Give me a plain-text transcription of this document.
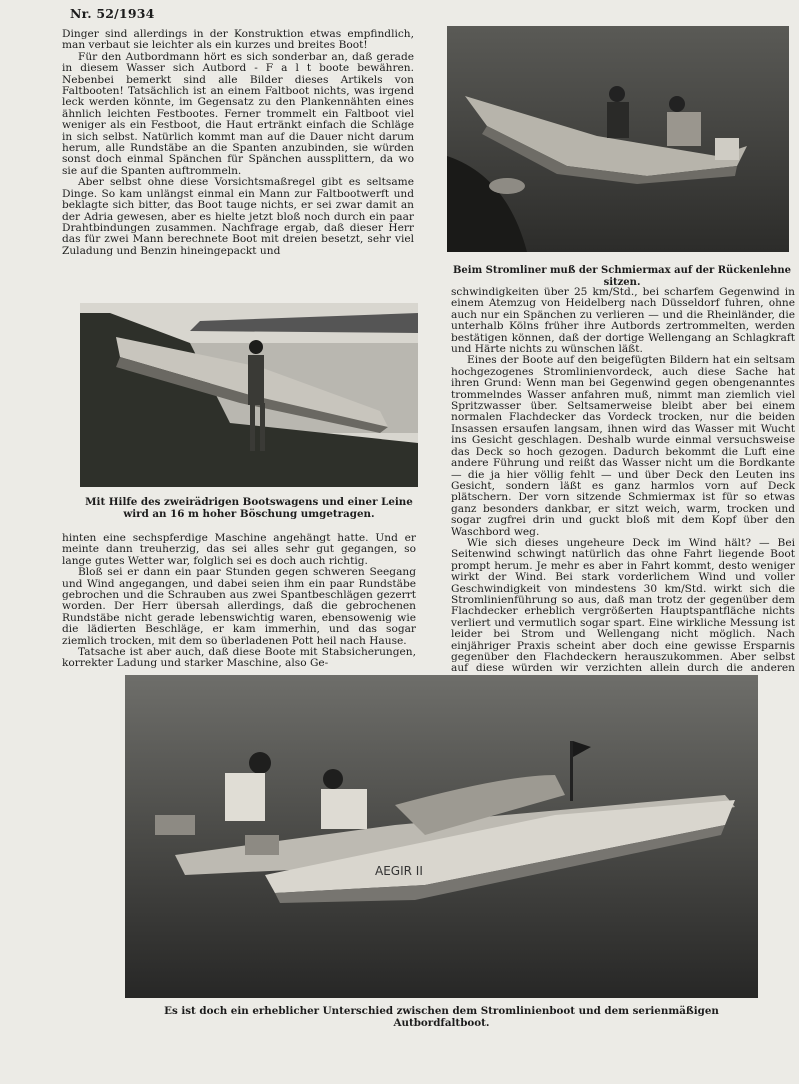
Nr. 52/1934

Dinger sind allerdings in der Konstruktion etwas empfindlich, man verbaut sie leichter als ein kurzes und breites Boot!

Für den Autbordmann hört es sich sonderbar an, daß gerade in diesem Wasser sich Autbord - F a l t boote bewähren. Nebenbei bemerkt sind alle Bilder dieses Artikels von Faltbooten! Tatsächlich ist an einem Faltboot nichts, was irgend leck werden könnte, im Gegensatz zu den Plankennähten eines ähnlich leichten Festbootes. Ferner trommelt ein Faltboot viel weniger als ein Festboot, die Haut ertränkt einfach die Schläge in sich selbst. Natürlich kommt man auf die Dauer nicht darum herum, alle Rundstäbe an die Spanten anzubinden, sie würden sonst doch einmal Spänchen für Spänchen aussplittern, da wo sie auf die Spanten auftrommeln.

Aber selbst ohne diese Vorsichtsmaßregel gibt es seltsame Dinge. So kam unlängst einmal ein Mann zur Faltbootwerft und beklagte sich bitter, das Boot tauge nichts, er sei zwar damit an der Adria gewesen, aber es hielte jetzt bloß noch durch ein paar Drahtbindungen zusammen. Nachfrage ergab, daß dieser Herr das für zwei Mann berechnete Boot mit dreien besetzt, sehr viel Zuladung und Benzin hineingepackt und

Beim Stromliner muß der Schmiermax auf der Rückenlehne sitzen.
Mit Hilfe des zweirädrigen Bootswagens und einer Leine wird an 16 m hoher Böschung umgetragen.

hinten eine sechspferdige Maschine angehängt hatte. Und er meinte dann treuherzig, das sei alles sehr gut gegangen, so lange gutes Wetter war, folglich sei es doch auch richtig.

Bloß sei er dann ein paar Stunden gegen schweren Seegang und Wind angegangen, und dabei seien ihm ein paar Rundstäbe gebrochen und die Schrauben aus zwei Spantbeschlägen gezerrt worden. Der Herr übersah allerdings, daß die gebrochenen Rundstäbe nicht gerade lebenswichtig waren, ebensowenig wie die lädierten Beschläge, er kam immerhin, und das sogar ziemlich trocken, mit dem so überladenen Pott heil nach Hause.

Tatsache ist aber auch, daß diese Boote mit Stabsicherungen, korrekter Ladung und starker Maschine, also Ge-

schwindigkeiten über 25 km/Std., bei scharfem Gegenwind in einem Atemzug von Heidelberg nach Düsseldorf fuhren, ohne auch nur ein Spänchen zu verlieren — und die Rheinländer, die unterhalb Kölns früher ihre Autbords zertrommelten, werden bestätigen können, daß der dortige Wellengang an Schlagkraft und Härte nichts zu wünschen läßt.

Eines der Boote auf den beigefügten Bildern hat ein seltsam hochgezogenes Stromlinienvordeck, auch diese Sache hat ihren Grund: Wenn man bei Gegenwind gegen obengenanntes trommelndes Wasser anfahren muß, nimmt man ziemlich viel Spritzwasser über. Seltsamerweise bleibt aber bei einem normalen Flachdecker das Vordeck trocken, nur die beiden Insassen ersaufen langsam, ihnen wird das Wasser mit Wucht ins Gesicht geschlagen. Deshalb wurde einmal versuchsweise das Deck so hoch gezogen. Dadurch bekommt die Luft eine andere Führung und reißt das Wasser nicht um die Bordkante — die ja hier völlig fehlt — und über Deck den Leuten ins Gesicht, sondern läßt es ganz harmlos vorn auf Deck plätschern. Der vorn sitzende Schmiermax ist für so etwas ganz besonders dankbar, er sitzt weich, warm, trocken und sogar zugfrei drin und guckt bloß mit dem Kopf über den Waschbord weg.

Wie sich dieses ungeheure Deck im Wind hält? — Bei Seitenwind schwingt natürlich das ohne Fahrt liegende Boot prompt herum. Je mehr es aber in Fahrt kommt, desto weniger wirkt der Wind. Bei stark vorderlichem Wind und voller Geschwindigkeit von mindestens 30 km/Std. wirkt sich die Stromlinienführung so aus, daß man trotz der gegenüber dem Flachdecker erheblich vergrößerten Hauptspantfläche nichts verliert und vermutlich sogar spart. Eine wirkliche Messung ist leider bei Strom und Wellengang nicht möglich. Nach einjähriger Praxis scheint aber doch eine gewisse Ersparnis gegenüber den Flachdeckern herauszukommen. Aber selbst auf diese würden wir verzichten allein durch die anderen

AEGIR II
Es ist doch ein erheblicher Unterschied zwischen dem Stromlinienboot und dem serienmäßigen Autbordfaltboot.
